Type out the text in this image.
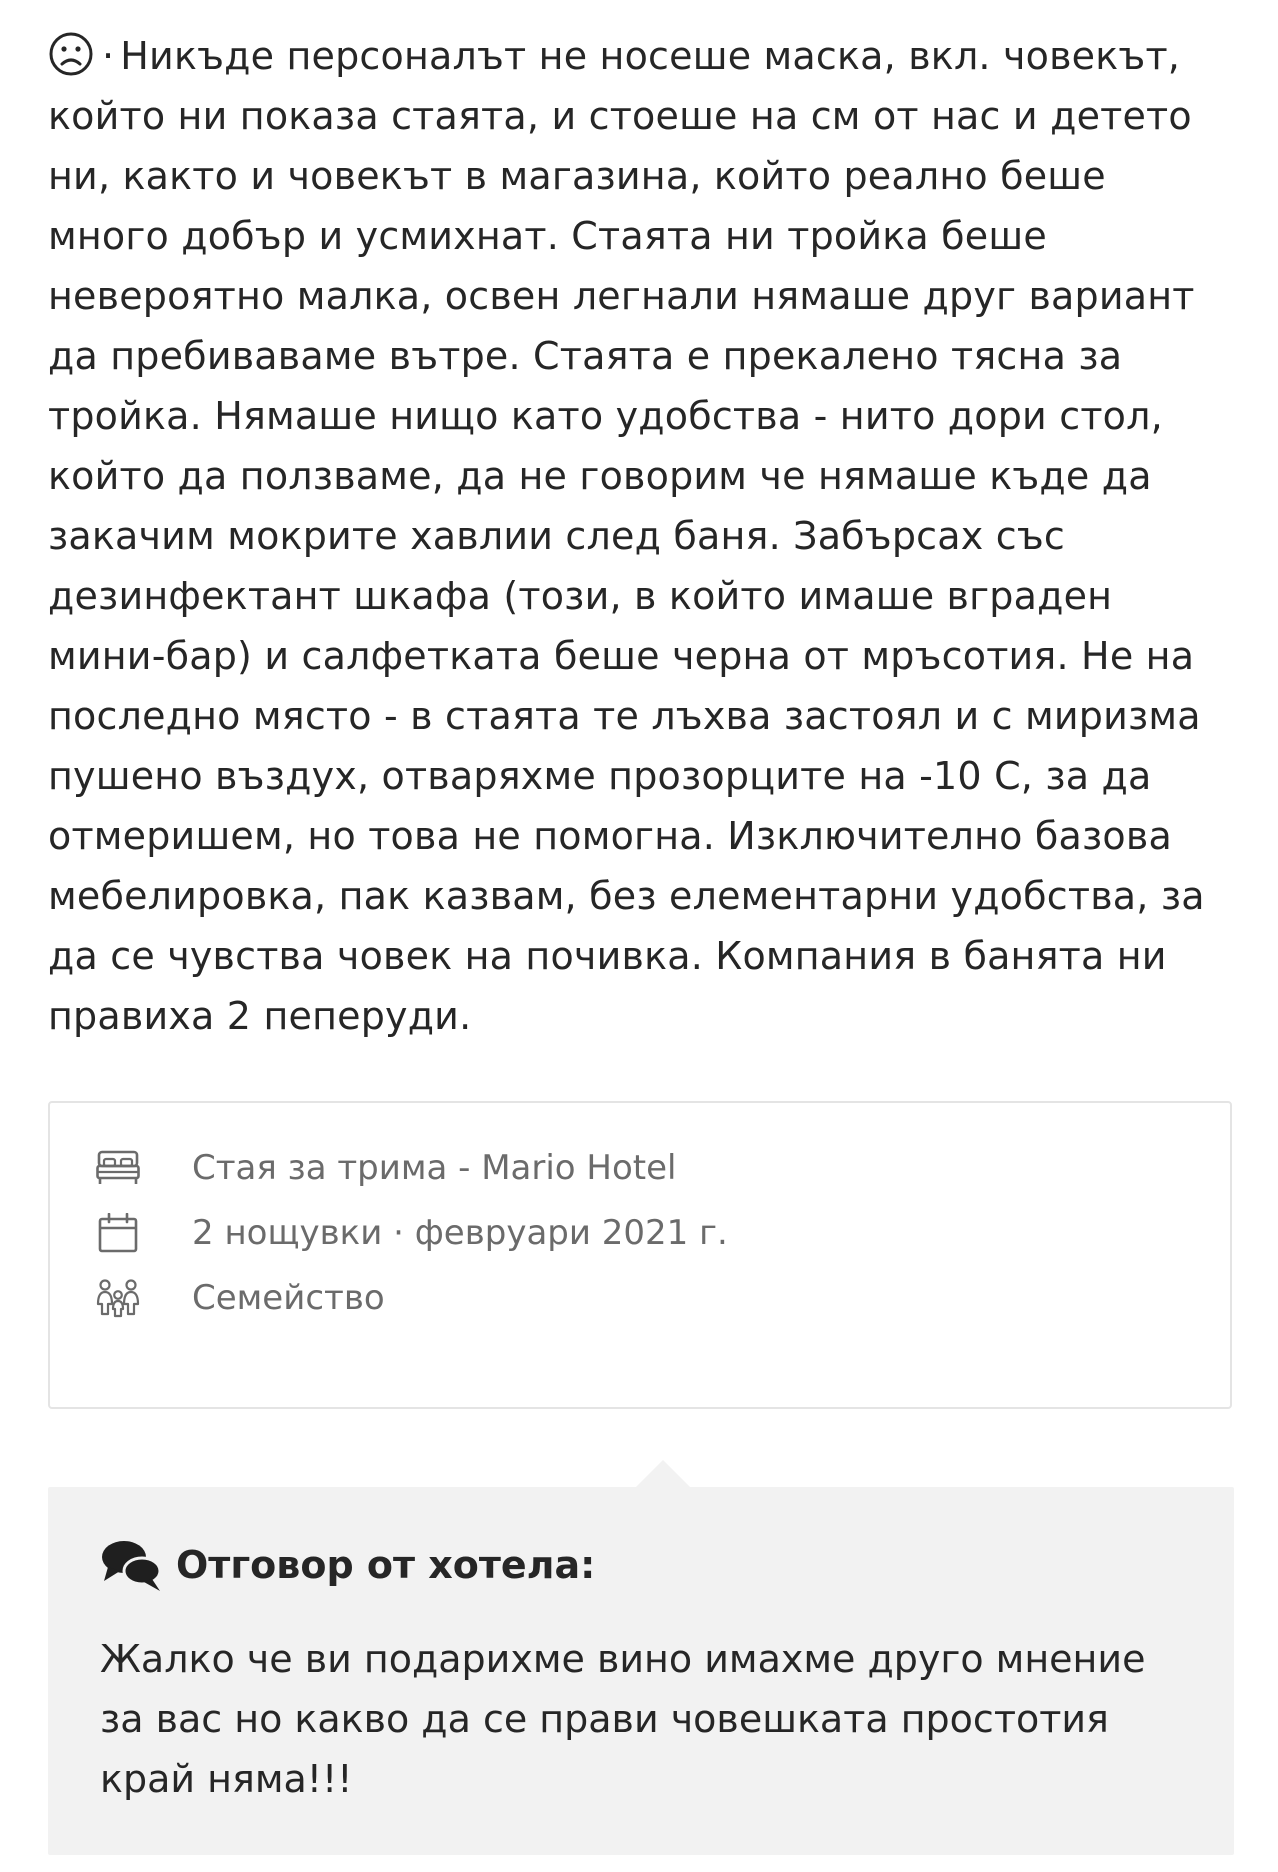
· Никъде персоналът не носеше маска, вкл. човекът, който ни показа стаята, и стоеше на см от нас и детето ни, както и човекът в магазина, който реално беше много добър и усмихнат. Стаята ни тройка беше невероятно малка, освен легнали нямаше друг вариант да пребиваваме вътре. Стаята е прекалено тясна за тройка. Нямаше нищо като удобства - нито дори стол, който да ползваме, да не говорим че нямаше къде да закачим мокрите хавлии след баня. Забърсах със дезинфектант шкафа (този, в който имаше вграден мини-бар) и салфетката беше черна от мръсотия. Не на последно място - в стаята те лъхва застоял и с миризма пушено въздух, отваряхме прозорците на -10 С, за да отмеришем, но това не помогна. Изключително базова мебелировка, пак казвам, без елементарни удобства, за да се чувства човек на почивка. Компания в банята ни правиха 2 пеперуди.
Стая за трима - Mario Hotel
2 нощувки · февруари 2021 г.
Семейство
Отговор от хотела:
Жалко че ви подарихме вино имахме друго мнение за вас но какво да се прави човешката простотия край няма!!!
